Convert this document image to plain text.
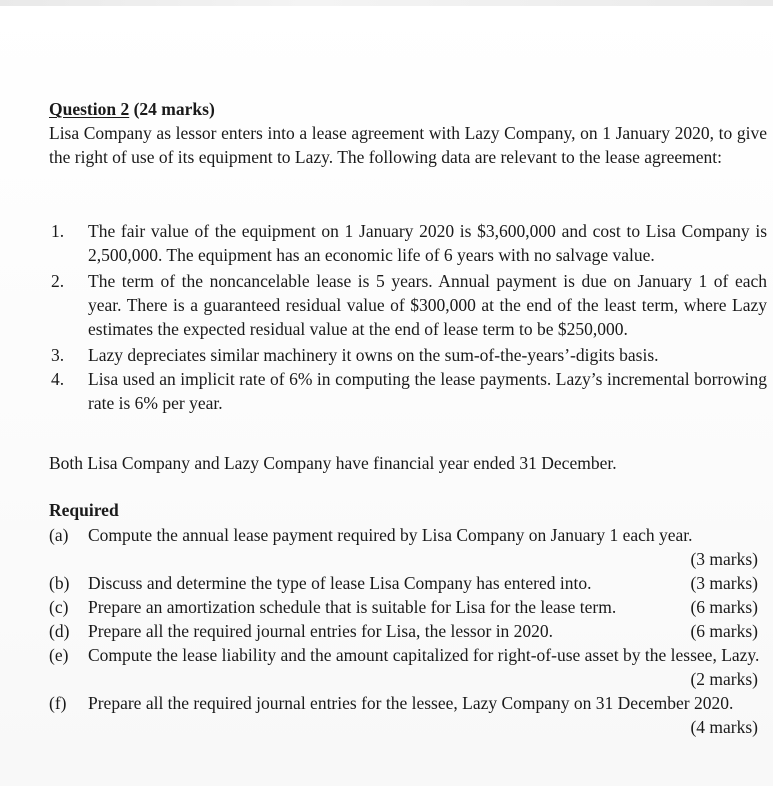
Question 2 (24 marks)
Lisa Company as lessor enters into a lease agreement with Lazy Company, on 1 January 2020, to give the right of use of its equipment to Lazy. The following data are relevant to the lease agreement:
1. The fair value of the equipment on 1 January 2020 is $3,600,000 and cost to Lisa Company is 2,500,000. The equipment has an economic life of 6 years with no salvage value.
2. The term of the noncancelable lease is 5 years. Annual payment is due on January 1 of each year. There is a guaranteed residual value of $300,000 at the end of the least term, where Lazy estimates the expected residual value at the end of lease term to be $250,000.
3. Lazy depreciates similar machinery it owns on the sum-of-the-years’-digits basis.
4. Lisa used an implicit rate of 6% in computing the lease payments. Lazy’s incremental borrowing rate is 6% per year.
Both Lisa Company and Lazy Company have financial year ended 31 December.
Required
(a) Compute the annual lease payment required by Lisa Company on January 1 each year.
(3 marks)
(b) Discuss and determine the type of lease Lisa Company has entered into.	(3 marks)
(c) Prepare an amortization schedule that is suitable for Lisa for the lease term.	(6 marks)
(d) Prepare all the required journal entries for Lisa, the lessor in 2020.	(6 marks)
(e) Compute the lease liability and the amount capitalized for right-of-use asset by the lessee, Lazy.
(2 marks)
(f) Prepare all the required journal entries for the lessee, Lazy Company on 31 December 2020.
(4 marks)
